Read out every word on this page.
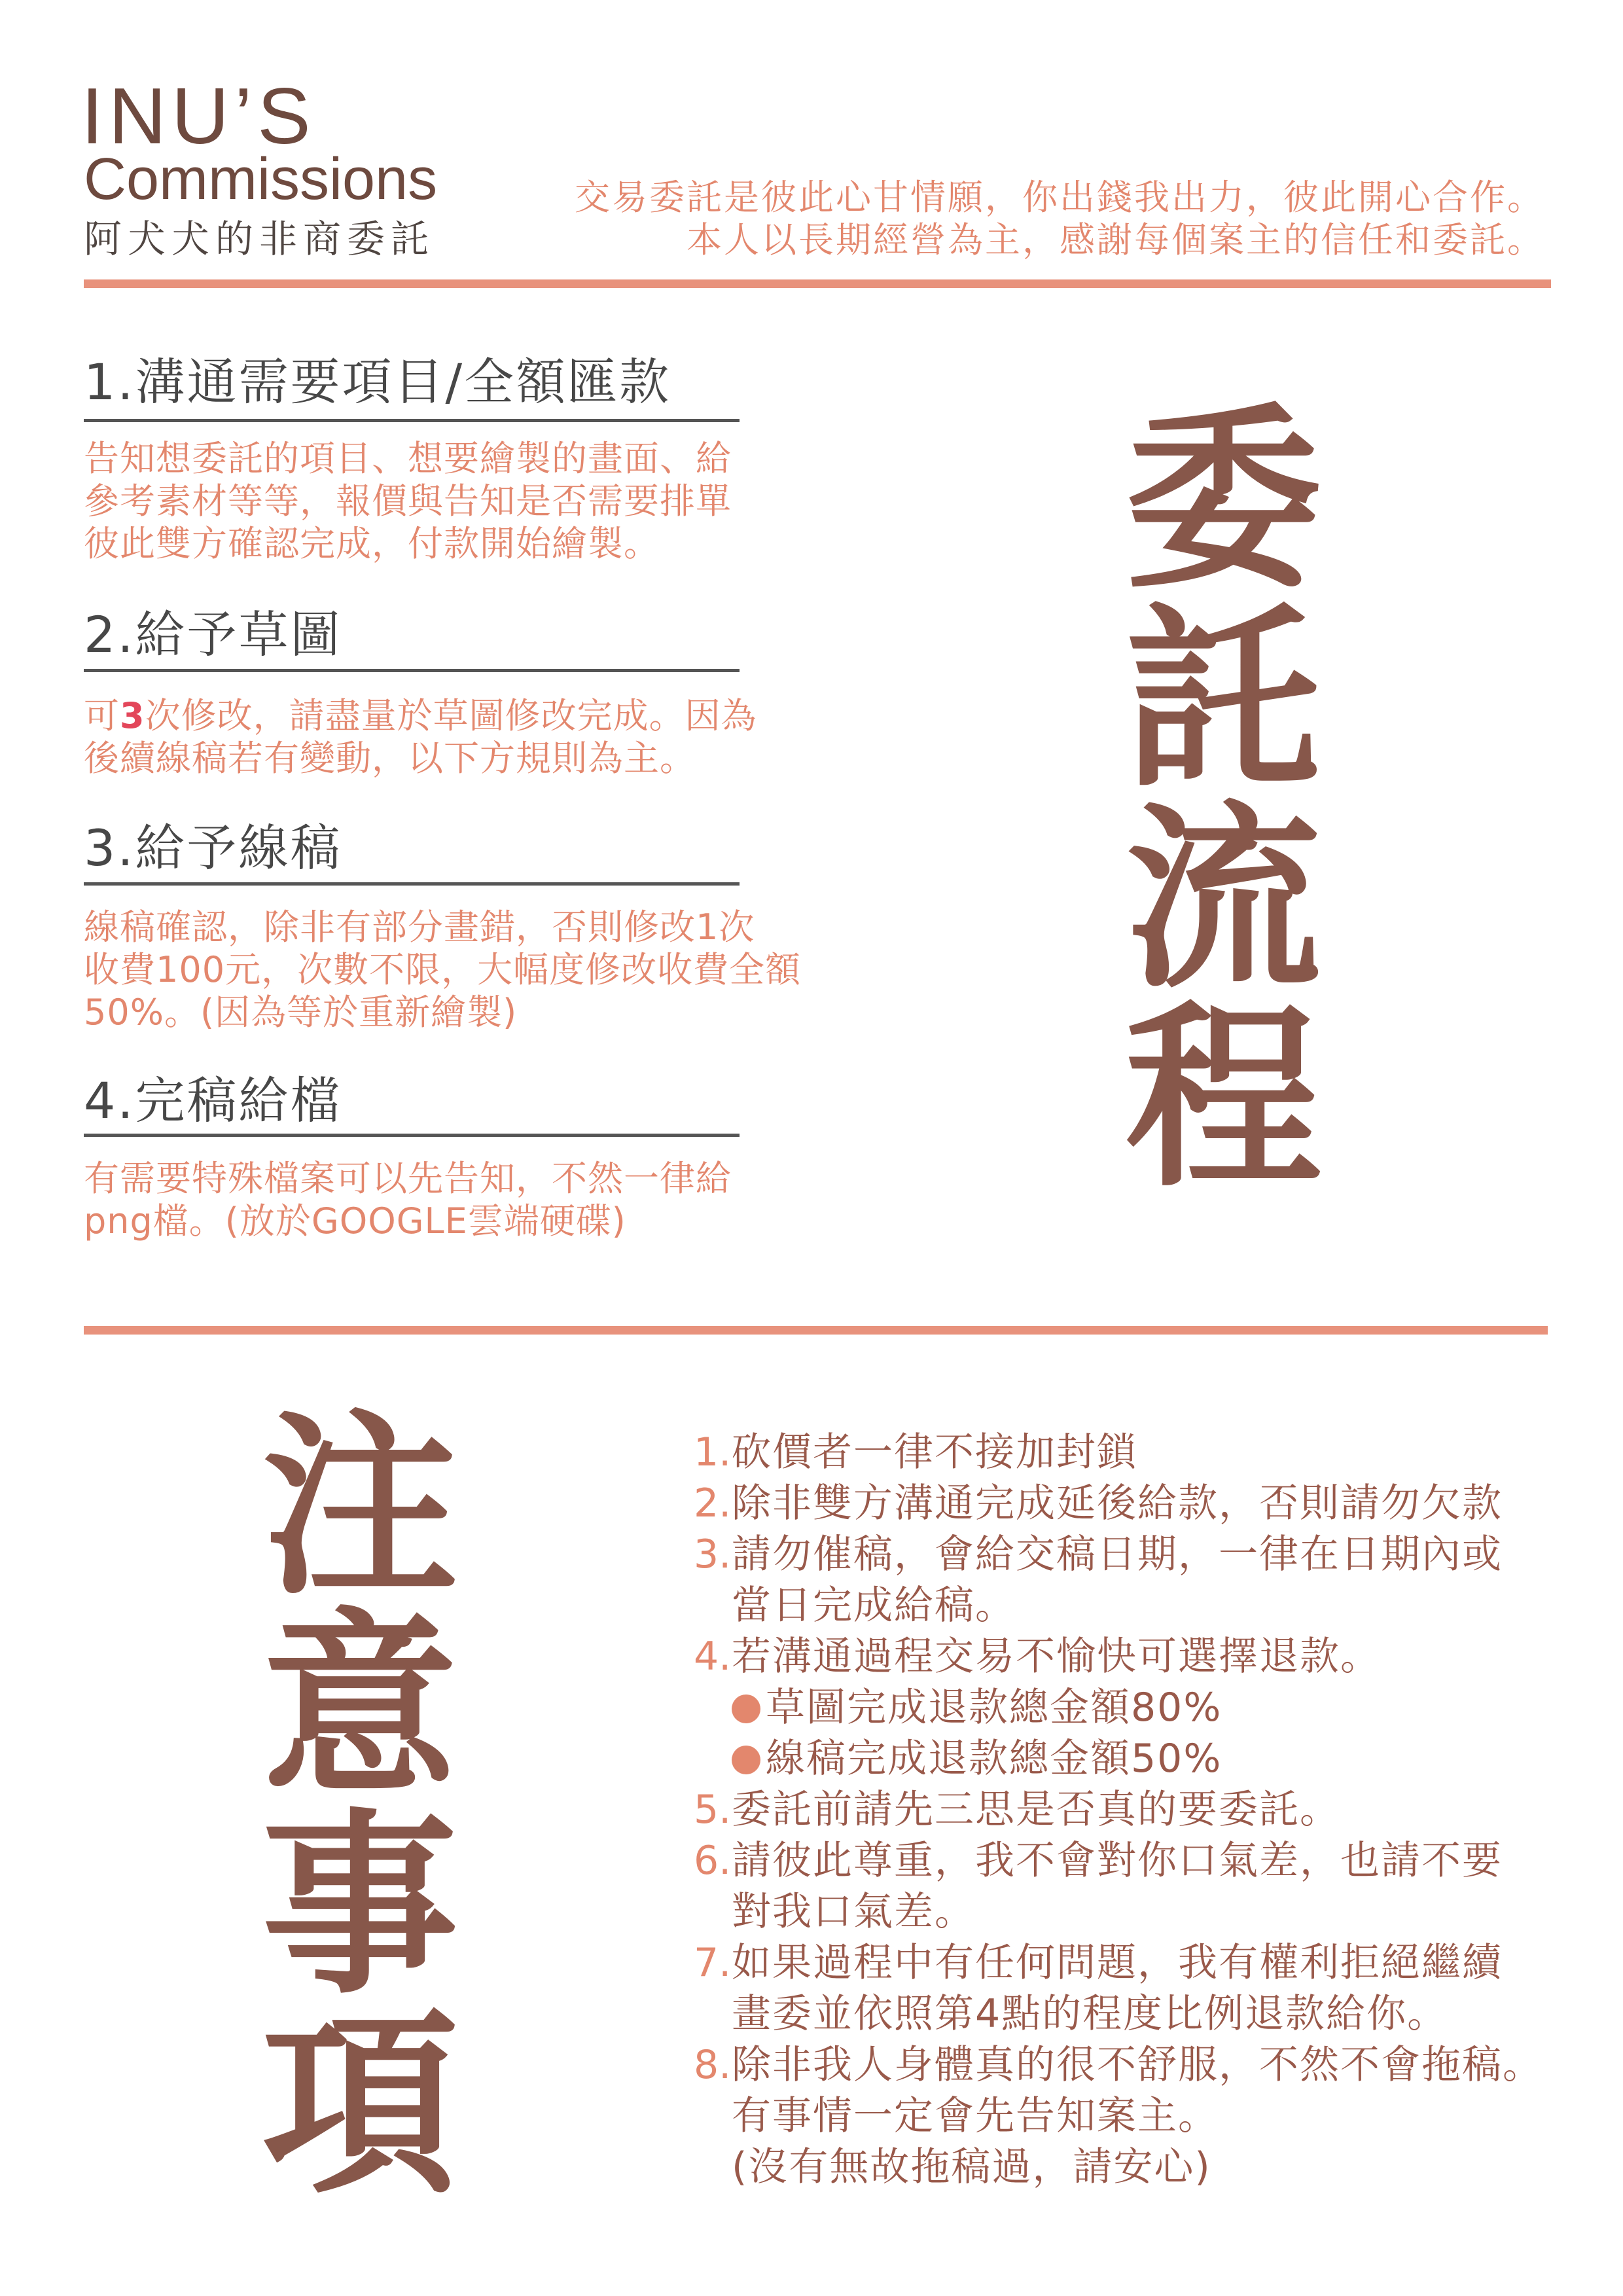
INU’S
Commissions
阿犬犬的非商委託
交易委託是彼此心甘情願，你出錢我出力，彼此開心合作。
本人以長期經營為主，感謝每個案主的信任和委託。
1.溝通需要項目/全額匯款
告知想委託的項目、想要繪製的畫面、給
參考素材等等，報價與告知是否需要排單
彼此雙方確認完成，付款開始繪製。
2.給予草圖
可3次修改，請盡量於草圖修改完成。因為
後續線稿若有變動，以下方規則為主。
3.給予線稿
線稿確認，除非有部分畫錯，否則修改1次
收費100元，次數不限，大幅度修改收費全額
50%。(因為等於重新繪製)
4.完稿給檔
有需要特殊檔案可以先告知，不然一律給
png檔。(放於GOOGLE雲端硬碟)
委
託
流
程
注
意
事
項
1.砍價者一律不接加封鎖
2.除非雙方溝通完成延後給款，否則請勿欠款
3.請勿催稿，會給交稿日期，一律在日期內或
當日完成給稿。
4.若溝通過程交易不愉快可選擇退款。
草圖完成退款總金額80%
線稿完成退款總金額50%
5.委託前請先三思是否真的要委託。
6.請彼此尊重，我不會對你口氣差，也請不要
對我口氣差。
7.如果過程中有任何問題，我有權利拒絕繼續
畫委並依照第4點的程度比例退款給你。
8.除非我人身體真的很不舒服，不然不會拖稿。
有事情一定會先告知案主。
(沒有無故拖稿過，請安心)
